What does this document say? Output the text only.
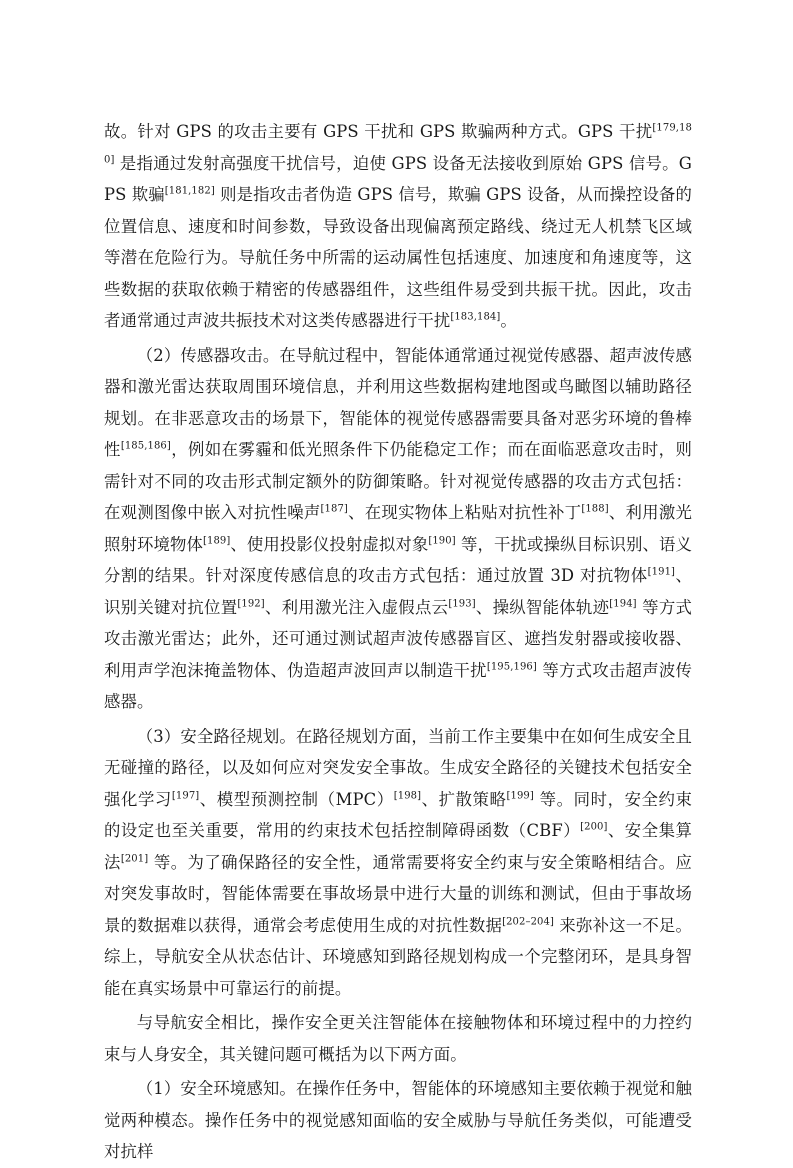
故。针对 GPS 的攻击主要有 GPS 干扰和 GPS 欺骗两种方式。GPS 干扰[179,180] 是指通过发射高强度干扰信号，迫使 GPS 设备无法接收到原始 GPS 信号。GPS 欺骗[181,182] 则是指攻击者伪造 GPS 信号，欺骗 GPS 设备，从而操控设备的位置信息、速度和时间参数，导致设备出现偏离预定路线、绕过无人机禁飞区域等潜在危险行为。导航任务中所需的运动属性包括速度、加速度和角速度等，这些数据的获取依赖于精密的传感器组件，这些组件易受到共振干扰。因此，攻击者通常通过声波共振技术对这类传感器进行干扰[183,184]。

（2）传感器攻击。在导航过程中，智能体通常通过视觉传感器、超声波传感器和激光雷达获取周围环境信息，并利用这些数据构建地图或鸟瞰图以辅助路径规划。在非恶意攻击的场景下，智能体的视觉传感器需要具备对恶劣环境的鲁棒性[185,186]，例如在雾霾和低光照条件下仍能稳定工作；而在面临恶意攻击时，则需针对不同的攻击形式制定额外的防御策略。针对视觉传感器的攻击方式包括：在观测图像中嵌入对抗性噪声[187]、在现实物体上粘贴对抗性补丁[188]、利用激光照射环境物体[189]、使用投影仪投射虚拟对象[190] 等，干扰或操纵目标识别、语义分割的结果。针对深度传感信息的攻击方式包括：通过放置 3D 对抗物体[191]、识别关键对抗位置[192]、利用激光注入虚假点云[193]、操纵智能体轨迹[194] 等方式攻击激光雷达；此外，还可通过测试超声波传感器盲区、遮挡发射器或接收器、利用声学泡沫掩盖物体、伪造超声波回声以制造干扰[195,196] 等方式攻击超声波传感器。

（3）安全路径规划。在路径规划方面，当前工作主要集中在如何生成安全且无碰撞的路径，以及如何应对突发安全事故。生成安全路径的关键技术包括安全强化学习[197]、模型预测控制（MPC）[198]、扩散策略[199] 等。同时，安全约束的设定也至关重要，常用的约束技术包括控制障碍函数（CBF）[200]、安全集算法[201] 等。为了确保路径的安全性，通常需要将安全约束与安全策略相结合。应对突发事故时，智能体需要在事故场景中进行大量的训练和测试，但由于事故场景的数据难以获得，通常会考虑使用生成的对抗性数据[202–204] 来弥补这一不足。综上，导航安全从状态估计、环境感知到路径规划构成一个完整闭环，是具身智能在真实场景中可靠运行的前提。

与导航安全相比，操作安全更关注智能体在接触物体和环境过程中的力控约束与人身安全，其关键问题可概括为以下两方面。

（1）安全环境感知。在操作任务中，智能体的环境感知主要依赖于视觉和触觉两种模态。操作任务中的视觉感知面临的安全威胁与导航任务类似，可能遭受对抗样
